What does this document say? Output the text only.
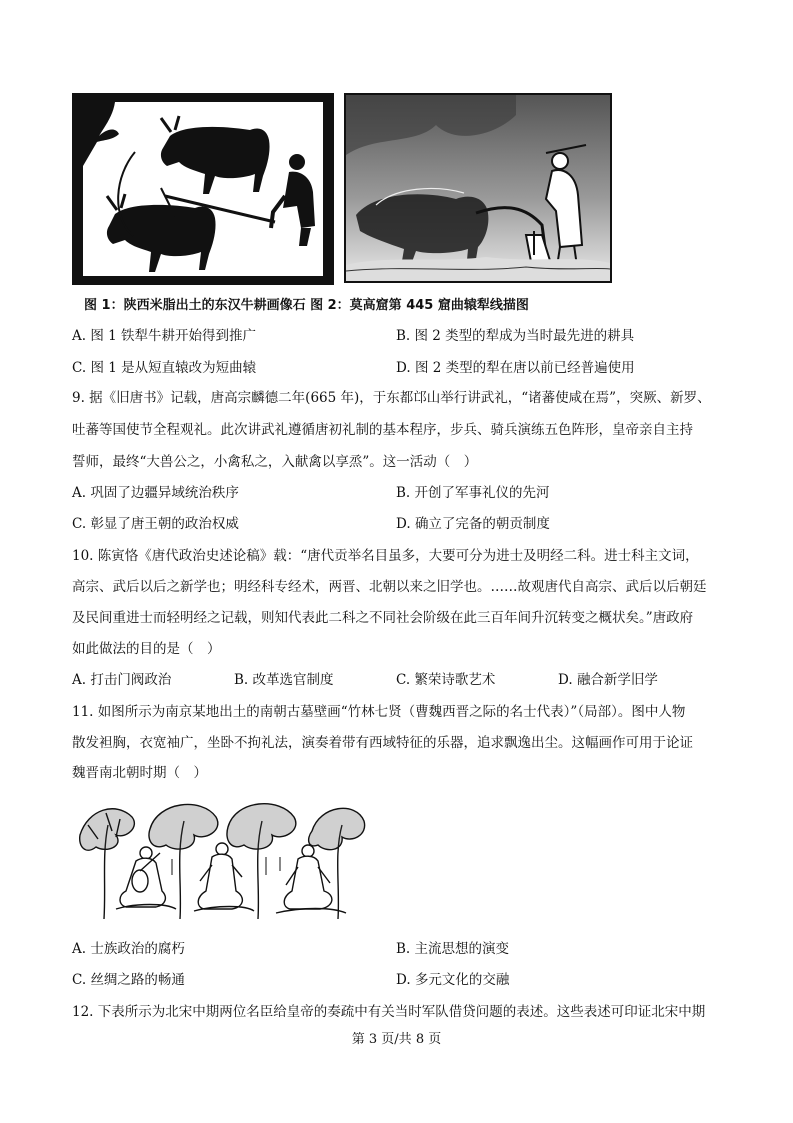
图 1：陕西米脂出土的东汉牛耕画像石 图 2：莫高窟第 445 窟曲辕犁线描图
A. 图 1 铁犁牛耕开始得到推广	B. 图 2 类型的犁成为当时最先进的耕具
C. 图 1 是从短直辕改为短曲辕	D. 图 2 类型的犁在唐以前已经普遍使用
9. 据《旧唐书》记载，唐高宗麟德二年(665 年)，于东都邙山举行讲武礼，“诸蕃使咸在焉”，突厥、新罗、
吐蕃等国使节全程观礼。此次讲武礼遵循唐初礼制的基本程序，步兵、骑兵演练五色阵形，皇帝亲自主持
誓师，最终“大兽公之，小禽私之，入献禽以享烝”。这一活动（　）
A. 巩固了边疆异域统治秩序	B. 开创了军事礼仪的先河
C. 彰显了唐王朝的政治权威	D. 确立了完备的朝贡制度
10. 陈寅恪《唐代政治史述论稿》载：“唐代贡举名目虽多，大要可分为进士及明经二科。进士科主文词，
高宗、武后以后之新学也；明经科专经术，两晋、北朝以来之旧学也。……故观唐代自高宗、武后以后朝廷
及民间重进士而轻明经之记载，则知代表此二科之不同社会阶级在此三百年间升沉转变之概状矣。”唐政府
如此做法的目的是（　）
A. 打击门阀政治	B. 改革选官制度	C. 繁荣诗歌艺术	D. 融合新学旧学
11. 如图所示为南京某地出土的南朝古墓壁画“竹林七贤（曹魏西晋之际的名士代表）”（局部）。图中人物
散发袒胸，衣宽袖广，坐卧不拘礼法，演奏着带有西域特征的乐器，追求飘逸出尘。这幅画作可用于论证
魏晋南北朝时期（　）
A. 士族政治的腐朽	B. 主流思想的演变
C. 丝绸之路的畅通	D. 多元文化的交融
12. 下表所示为北宋中期两位名臣给皇帝的奏疏中有关当时军队借贷问题的表述。这些表述可印证北宋中期
第 3 页/共 8 页
